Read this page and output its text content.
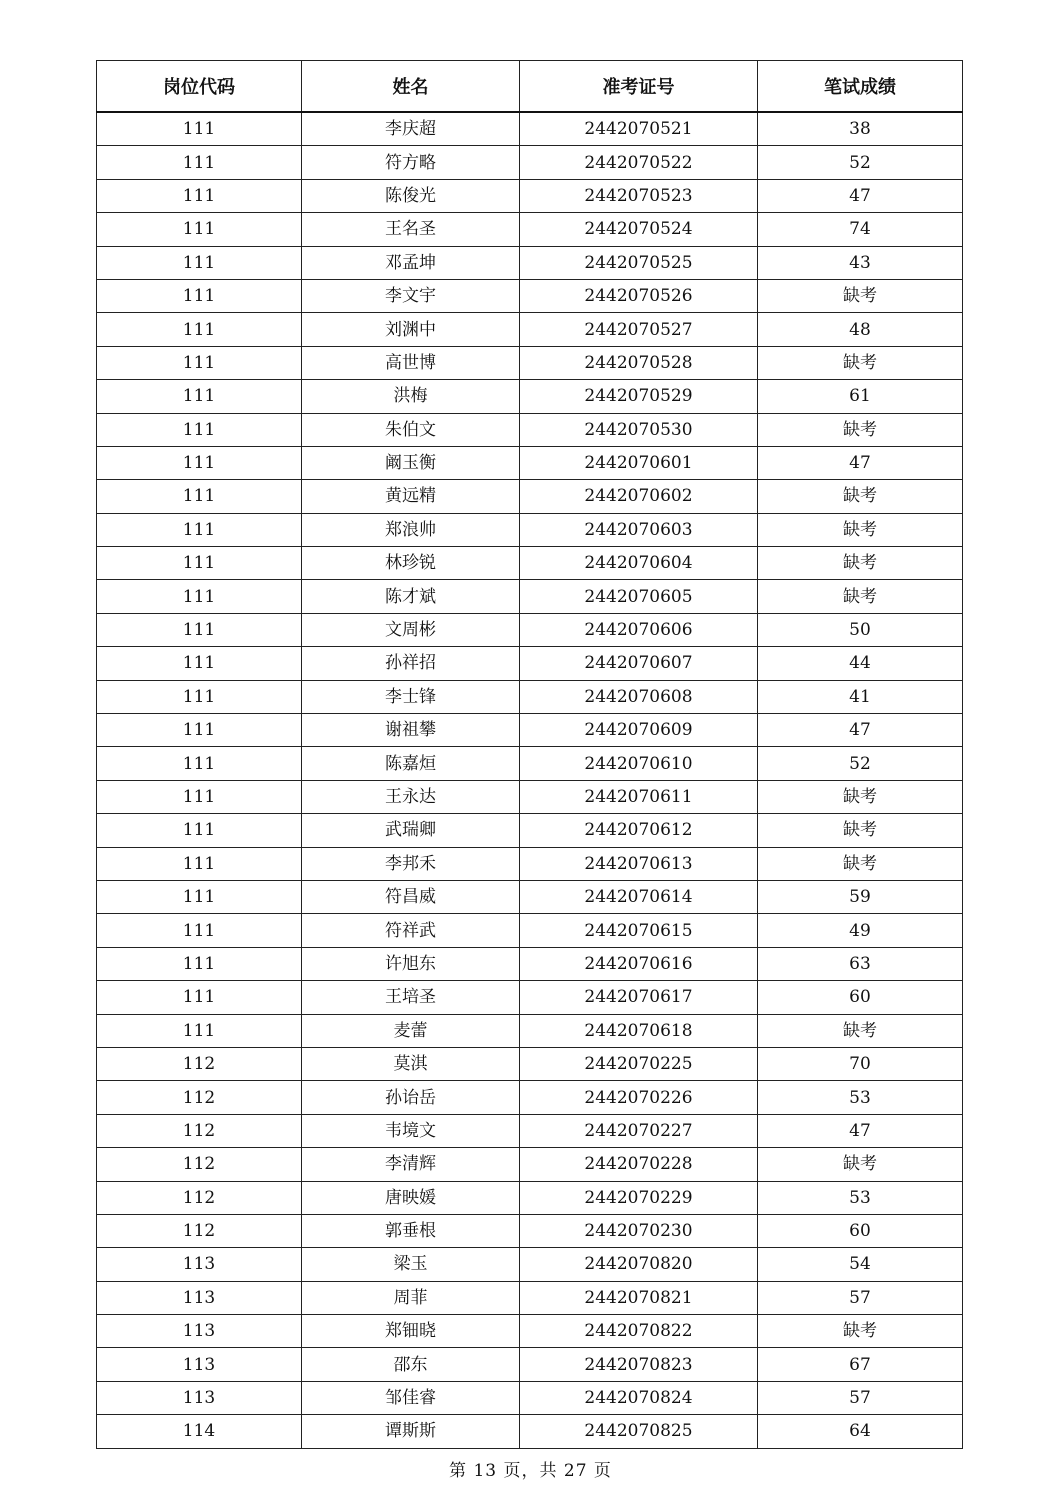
岗位代码	姓名	准考证号	笔试成绩
111	李庆超	2442070521	38
111	符方略	2442070522	52
111	陈俊光	2442070523	47
111	王名圣	2442070524	74
111	邓孟坤	2442070525	43
111	李文宇	2442070526	缺考
111	刘渊中	2442070527	48
111	高世博	2442070528	缺考
111	洪梅	2442070529	61
111	朱伯文	2442070530	缺考
111	阚玉衡	2442070601	47
111	黄远精	2442070602	缺考
111	郑浪帅	2442070603	缺考
111	林珍锐	2442070604	缺考
111	陈才斌	2442070605	缺考
111	文周彬	2442070606	50
111	孙祥招	2442070607	44
111	李士锋	2442070608	41
111	谢祖攀	2442070609	47
111	陈嘉烜	2442070610	52
111	王永达	2442070611	缺考
111	武瑞卿	2442070612	缺考
111	李邦禾	2442070613	缺考
111	符昌威	2442070614	59
111	符祥武	2442070615	49
111	许旭东	2442070616	63
111	王培圣	2442070617	60
111	麦蕾	2442070618	缺考
112	莫淇	2442070225	70
112	孙诒岳	2442070226	53
112	韦境文	2442070227	47
112	李清辉	2442070228	缺考
112	唐映媛	2442070229	53
112	郭垂根	2442070230	60
113	梁玉	2442070820	54
113	周菲	2442070821	57
113	郑钿晓	2442070822	缺考
113	邵东	2442070823	67
113	邹佳睿	2442070824	57
114	谭斯斯	2442070825	64
第 13 页，共 27 页
